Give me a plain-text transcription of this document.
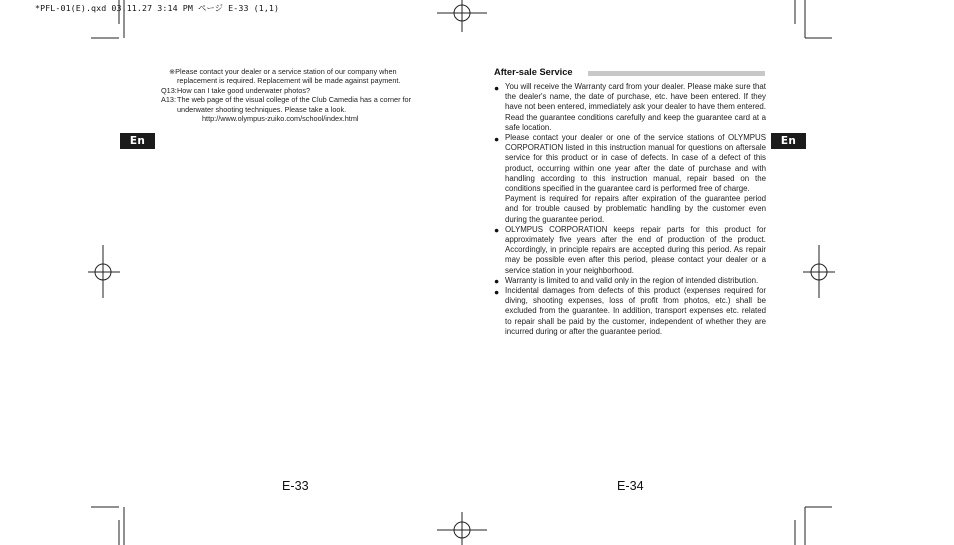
*PFL-01(E).qxd 03.11.27 3:14 PM ページ E-33 (1,1)
※Please contact your dealer or a service station of our company when
replacement is required. Replacement will be made against payment.
Q13: How can I take good underwater photos?
A13: The web page of the visual college of the Club Camedia has a corner for
underwater shooting techniques. Please take a look.
http://www.olympus-zuiko.com/school/index.html
En
E-33
After-sale Service
● You will receive the Warranty card from your dealer. Please make sure that the dealer's name, the date of purchase, etc. have been entered. If they have not been entered, immediately ask your dealer to have them entered. Read the guarantee conditions carefully and keep the guarantee card at a safe location.
● Please contact your dealer or one of the service stations of OLYMPUS CORPORATION listed in this instruction manual for questions on aftersale service for this product or in case of defects. In case of a defect of this product, occurring within one year after the date of purchase and with handling according to this instruction manual, repair based on the conditions specified in the guarantee card is performed free of charge.
Payment is required for repairs after expiration of the guarantee period and for trouble caused by problematic handling by the customer even during the guarantee period.
● OLYMPUS CORPORATION keeps repair parts for this product for approximately five years after the end of production of the product. Accordingly, in principle repairs are accepted during this period. As repair may be possible even after this period, please contact your dealer or a service station in your neighborhood.
● Warranty is limited to and valid only in the region of intended distribution.
● Incidental damages from defects of this product (expenses required for diving, shooting expenses, loss of profit from photos, etc.) shall be excluded from the guarantee. In addition, transport expenses etc. related to repair shall be paid by the customer, independent of whether they are incurred during or after the guarantee period.
En
E-34
